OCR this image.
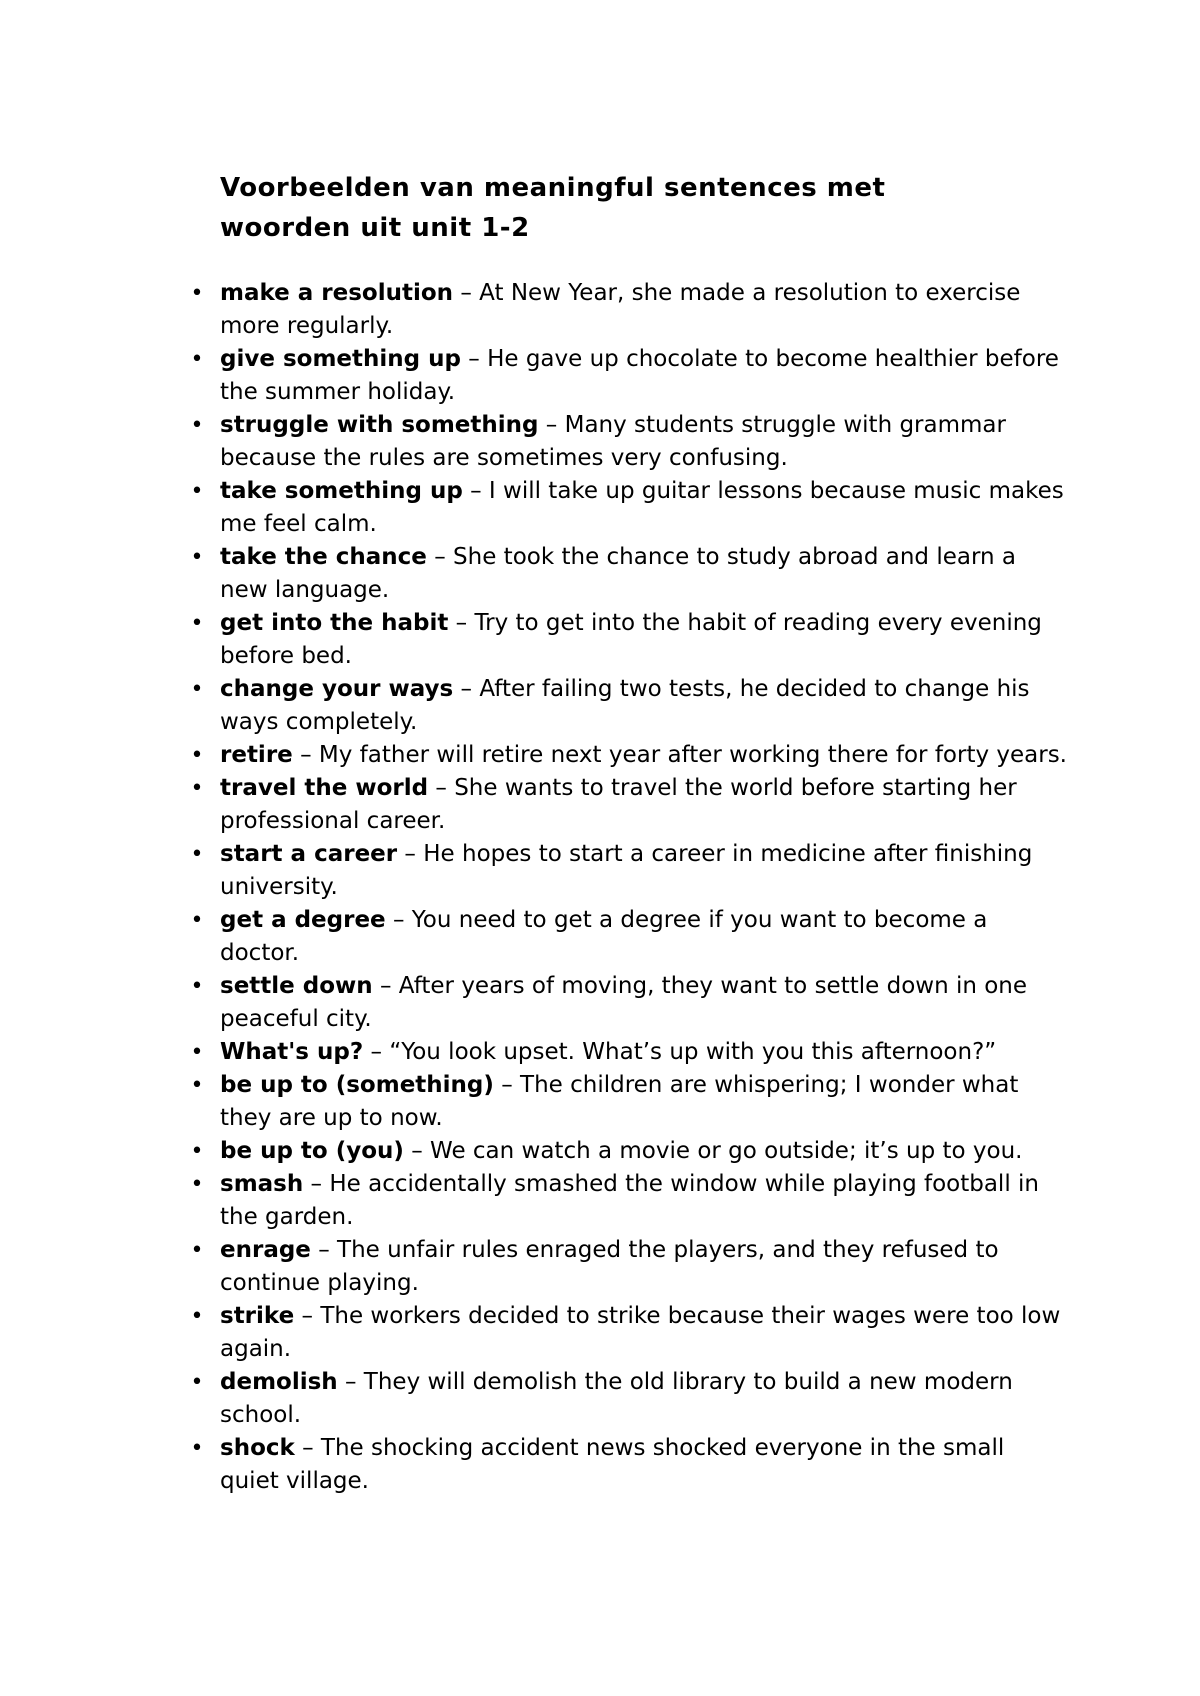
Voorbeelden van meaningful sentences met woorden uit unit 1-2
• make a resolution – At New Year, she made a resolution to exercise more regularly.
• give something up – He gave up chocolate to become healthier before the summer holiday.
• struggle with something – Many students struggle with grammar because the rules are sometimes very confusing.
• take something up – I will take up guitar lessons because music makes me feel calm.
• take the chance – She took the chance to study abroad and learn a new language.
• get into the habit – Try to get into the habit of reading every evening before bed.
• change your ways – After failing two tests, he decided to change his ways completely.
• retire – My father will retire next year after working there for forty years.
• travel the world – She wants to travel the world before starting her professional career.
• start a career – He hopes to start a career in medicine after finishing university.
• get a degree – You need to get a degree if you want to become a doctor.
• settle down – After years of moving, they want to settle down in one peaceful city.
• What's up? – “You look upset. What’s up with you this afternoon?”
• be up to (something) – The children are whispering; I wonder what they are up to now.
• be up to (you) – We can watch a movie or go outside; it’s up to you.
• smash – He accidentally smashed the window while playing football in the garden.
• enrage – The unfair rules enraged the players, and they refused to continue playing.
• strike – The workers decided to strike because their wages were too low again.
• demolish – They will demolish the old library to build a new modern school.
• shock – The shocking accident news shocked everyone in the small quiet village.
